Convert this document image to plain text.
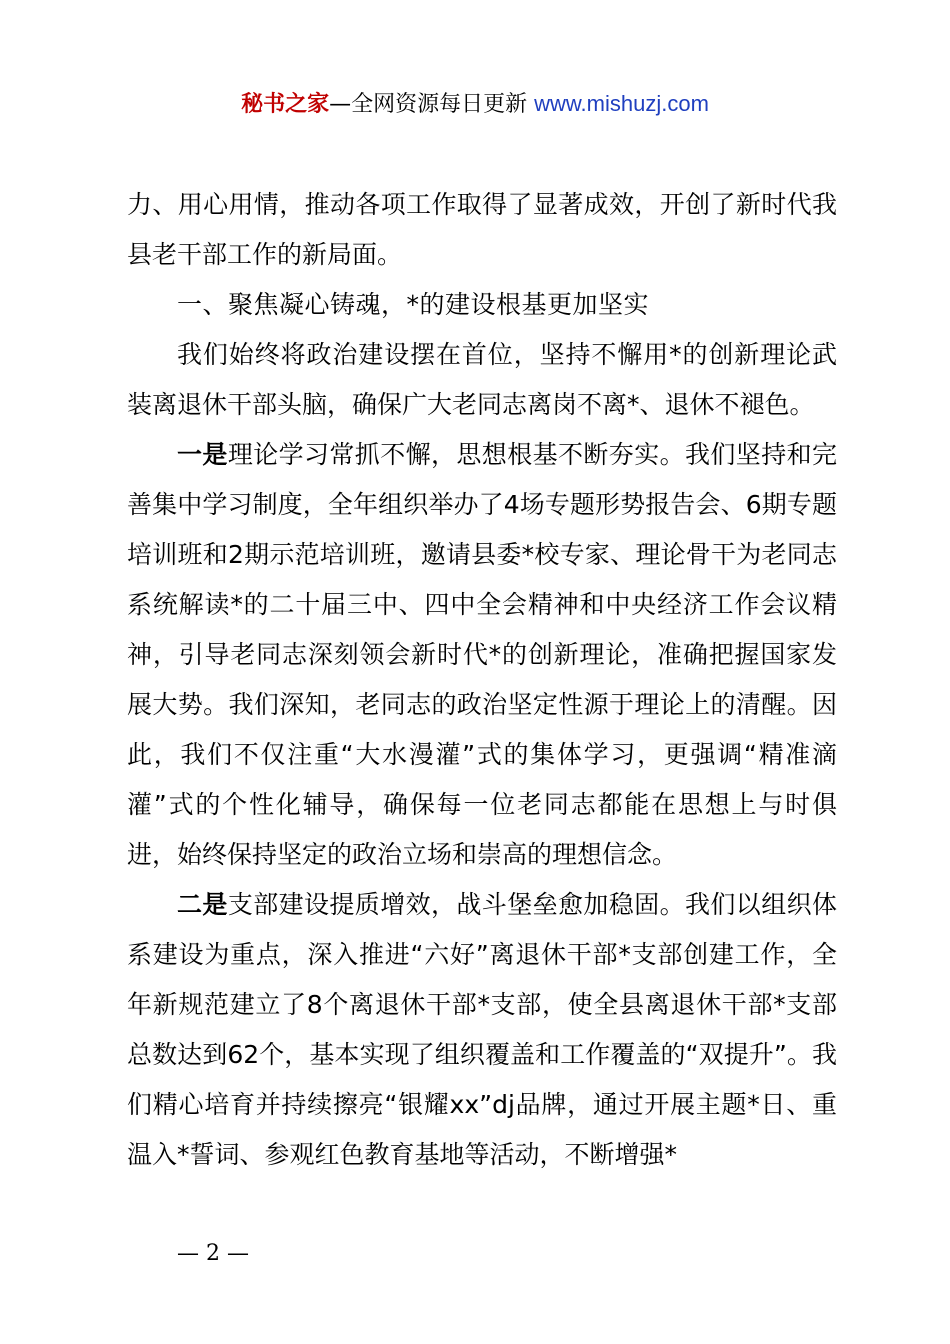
秘书之家—全网资源每日更新 www.mishuzj.com

力、用心用情，推动各项工作取得了显著成效，开创了新时代我县老干部工作的新局面。

一、聚焦凝心铸魂，*的建设根基更加坚实

我们始终将政治建设摆在首位，坚持不懈用*的创新理论武装离退休干部头脑，确保广大老同志离岗不离*、退休不褪色。

一是理论学习常抓不懈，思想根基不断夯实。我们坚持和完善集中学习制度，全年组织举办了4场专题形势报告会、6期专题培训班和2期示范培训班，邀请县委*校专家、理论骨干为老同志系统解读*的二十届三中、四中全会精神和中央经济工作会议精神，引导老同志深刻领会新时代*的创新理论，准确把握国家发展大势。我们深知，老同志的政治坚定性源于理论上的清醒。因此，我们不仅注重“大水漫灌”式的集体学习，更强调“精准滴灌”式的个性化辅导，确保每一位老同志都能在思想上与时俱进，始终保持坚定的政治立场和崇高的理想信念。

二是支部建设提质增效，战斗堡垒愈加稳固。我们以组织体系建设为重点，深入推进“六好”离退休干部*支部创建工作，全年新规范建立了8个离退休干部*支部，使全县离退休干部*支部总数达到62个，基本实现了组织覆盖和工作覆盖的“双提升”。我们精心培育并持续擦亮“银耀xx”dj品牌，通过开展主题*日、重温入*誓词、参观红色教育基地等活动，不断增强*

— 2 —
